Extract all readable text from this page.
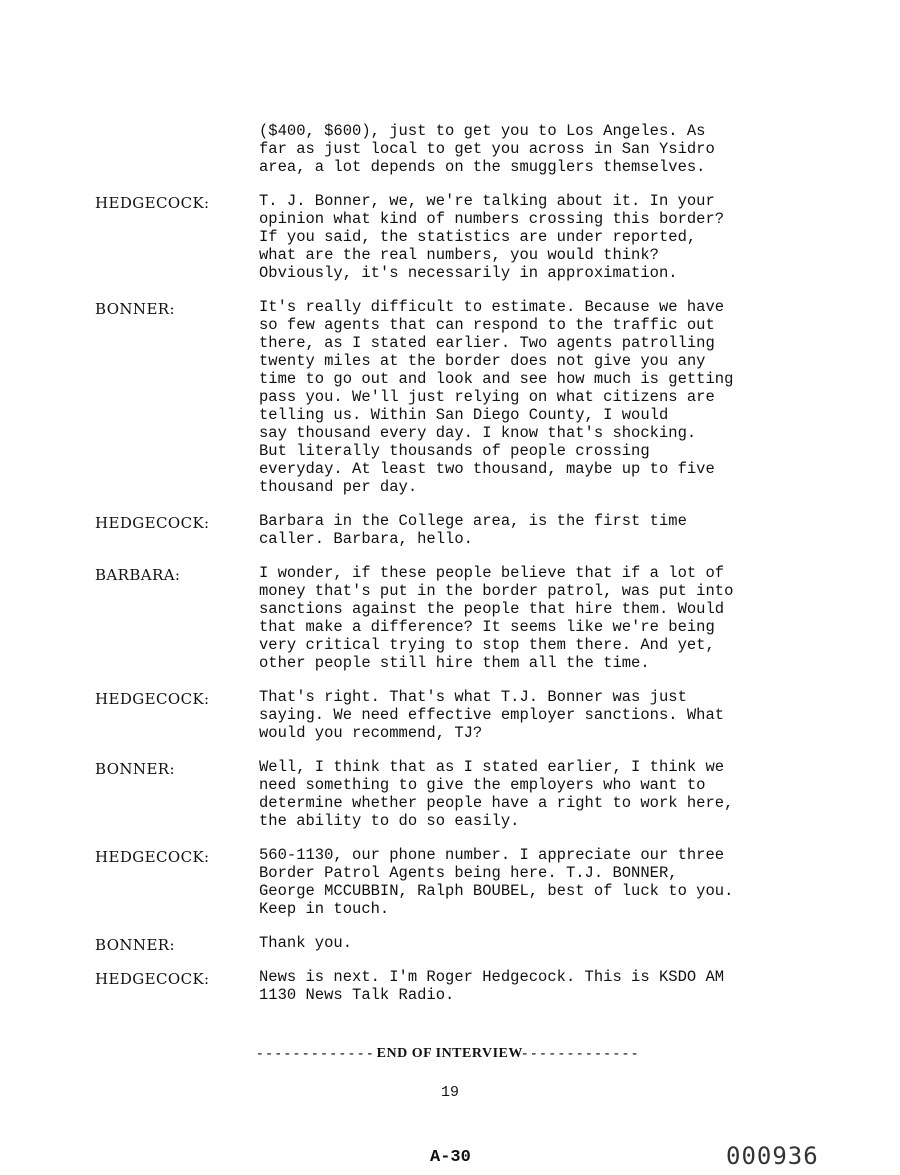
($400, $600), just to get you to Los Angeles. As
far as just local to get you across in San Ysidro
area, a lot depends on the smugglers themselves.
HEDGECOCK:	T. J. Bonner, we, we're talking about it. In your
opinion what kind of numbers crossing this border?
If you said, the statistics are under reported,
what are the real numbers, you would think?
Obviously, it's necessarily in approximation.
BONNER:	It's really difficult to estimate. Because we have
so few agents that can respond to the traffic out
there, as I stated earlier. Two agents patrolling
twenty miles at the border does not give you any
time to go out and look and see how much is getting
pass you. We'll just relying on what citizens are
telling us. Within San Diego County, I would
say thousand every day. I know that's shocking.
But literally thousands of people crossing
everyday. At least two thousand, maybe up to five
thousand per day.
HEDGECOCK:	Barbara in the College area, is the first time
caller. Barbara, hello.
BARBARA:	I wonder, if these people believe that if a lot of
money that's put in the border patrol, was put into
sanctions against the people that hire them. Would
that make a difference? It seems like we're being
very critical trying to stop them there. And yet,
other people still hire them all the time.
HEDGECOCK:	That's right. That's what T.J. Bonner was just
saying. We need effective employer sanctions. What
would you recommend, TJ?
BONNER:	Well, I think that as I stated earlier, I think we
need something to give the employers who want to
determine whether people have a right to work here,
the ability to do so easily.
HEDGECOCK:	560-1130, our phone number. I appreciate our three
Border Patrol Agents being here. T.J. BONNER,
George MCCUBBIN, Ralph BOUBEL, best of luck to you.
Keep in touch.
BONNER:	Thank you.
HEDGECOCK:	News is next. I'm Roger Hedgecock. This is KSDO AM
1130 News Talk Radio.
- - - - - - - - - - - - - END OF INTERVIEW- - - - - - - - - - - - -
19
A-30	000936
